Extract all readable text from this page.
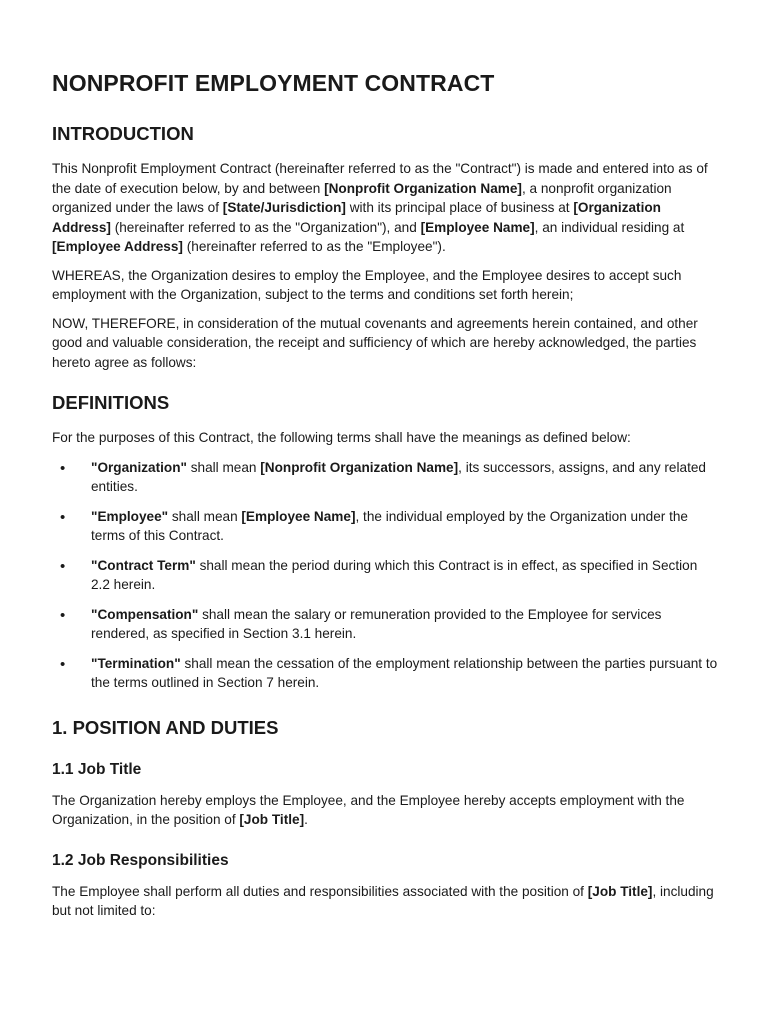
NONPROFIT EMPLOYMENT CONTRACT
INTRODUCTION

This Nonprofit Employment Contract (hereinafter referred to as the "Contract") is made and entered into as of the date of execution below, by and between [Nonprofit Organization Name], a nonprofit organization organized under the laws of [State/Jurisdiction] with its principal place of business at [Organization Address] (hereinafter referred to as the "Organization"), and [Employee Name], an individual residing at [Employee Address] (hereinafter referred to as the "Employee").

WHEREAS, the Organization desires to employ the Employee, and the Employee desires to accept such employment with the Organization, subject to the terms and conditions set forth herein;

NOW, THEREFORE, in consideration of the mutual covenants and agreements herein contained, and other good and valuable consideration, the receipt and sufficiency of which are hereby acknowledged, the parties hereto agree as follows:

DEFINITIONS

For the purposes of this Contract, the following terms shall have the meanings as defined below:

• "Organization" shall mean [Nonprofit Organization Name], its successors, assigns, and any related entities.
• "Employee" shall mean [Employee Name], the individual employed by the Organization under the terms of this Contract.
• "Contract Term" shall mean the period during which this Contract is in effect, as specified in Section 2.2 herein.
• "Compensation" shall mean the salary or remuneration provided to the Employee for services rendered, as specified in Section 3.1 herein.
• "Termination" shall mean the cessation of the employment relationship between the parties pursuant to the terms outlined in Section 7 herein.
1. POSITION AND DUTIES
1.1 Job Title

The Organization hereby employs the Employee, and the Employee hereby accepts employment with the Organization, in the position of [Job Title].

1.2 Job Responsibilities

The Employee shall perform all duties and responsibilities associated with the position of [Job Title], including but not limited to:
